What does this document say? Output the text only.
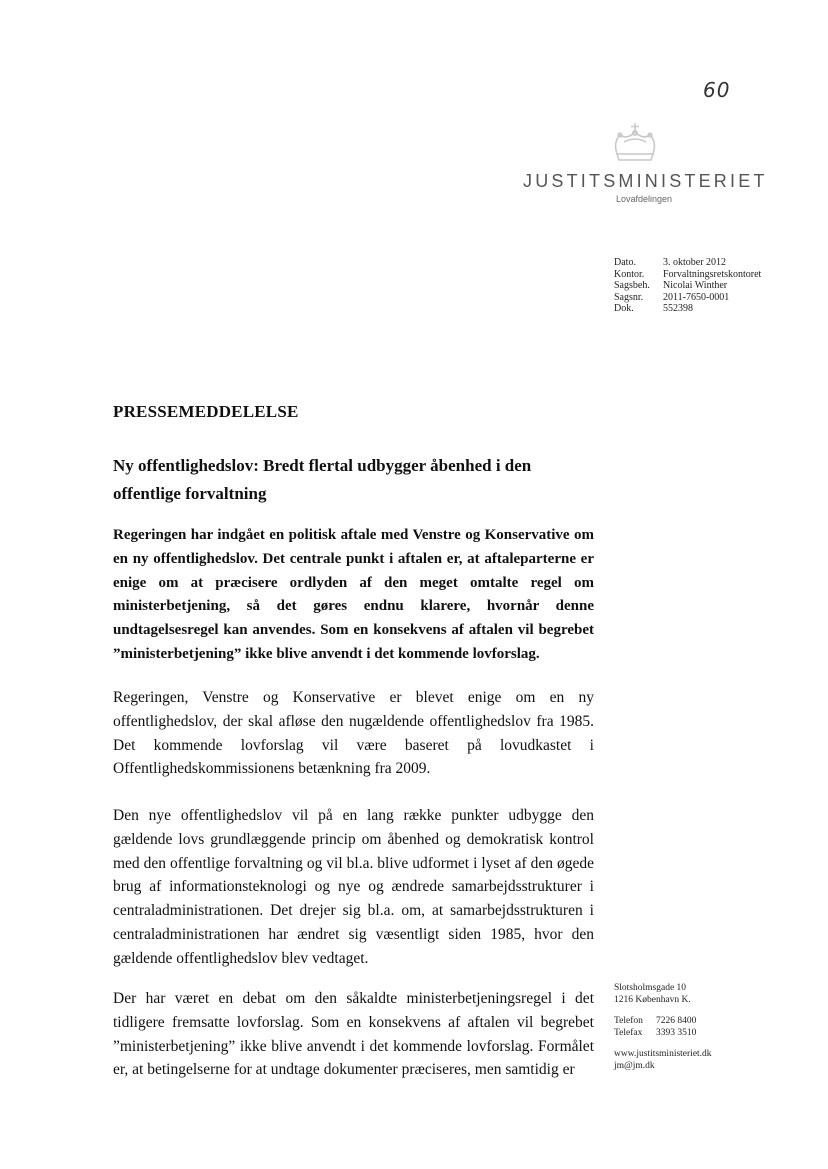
60
JUSTITSMINISTERIET
Lovafdelingen
Dato.	3. oktober 2012
Kontor.	Forvaltningsretskontoret
Sagsbeh.	Nicolai Winther
Sagsnr.	2011-7650-0001
Dok.	552398
PRESSEMEDDELELSE
Ny offentlighedslov: Bredt flertal udbygger åbenhed i den offentlige forvaltning

Regeringen har indgået en politisk aftale med Venstre og Konservative om en ny offentlighedslov. Det centrale punkt i aftalen er, at aftaleparterne er enige om at præcisere ordlyden af den meget omtalte regel om ministerbetjening, så det gøres endnu klarere, hvornår denne undtagelsesregel kan anvendes. Som en konsekvens af aftalen vil begrebet ”ministerbetjening” ikke blive anvendt i det kommende lovforslag.

Regeringen, Venstre og Konservative er blevet enige om en ny offentlighedslov, der skal afløse den nugældende offentlighedslov fra 1985. Det kommende lovforslag vil være baseret på lovudkastet i Offentlighedskommissionens betænkning fra 2009.

Den nye offentlighedslov vil på en lang række punkter udbygge den gældende lovs grundlæggende princip om åbenhed og demokratisk kontrol med den offentlige forvaltning og vil bl.a. blive udformet i lyset af den øgede brug af informationsteknologi og nye og ændrede samarbejdsstrukturer i centraladministrationen. Det drejer sig bl.a. om, at samarbejdsstrukturen i centraladministrationen har ændret sig væsentligt siden 1985, hvor den gældende offentlighedslov blev vedtaget.

Der har været en debat om den såkaldte ministerbetjeningsregel i det tidligere fremsatte lovforslag. Som en konsekvens af aftalen vil begrebet ”ministerbetjening” ikke blive anvendt i det kommende lovforslag. Formålet er, at betingelserne for at undtage dokumenter præciseres, men samtidig er

Slotsholmsgade 10
1216 København K.
Telefon	7226 8400
Telefax	3393 3510
www.justitsministeriet.dk
jm@jm.dk
